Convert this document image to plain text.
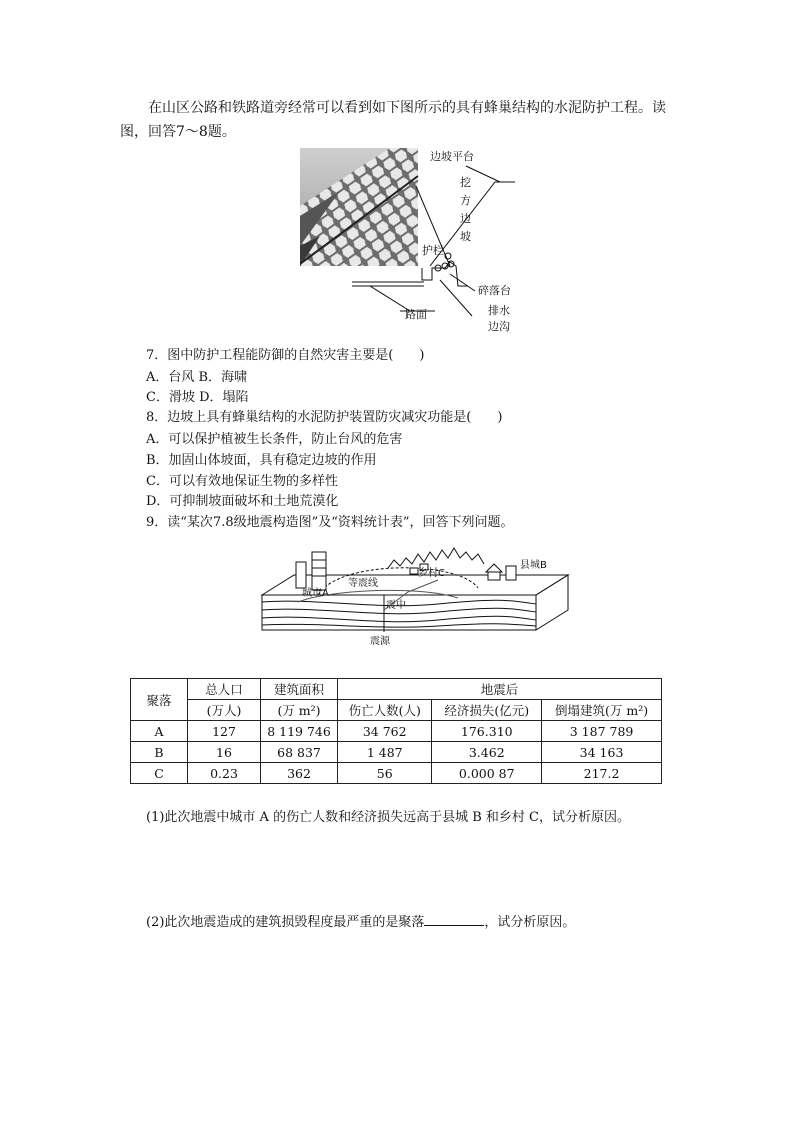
在山区公路和铁路道旁经常可以看到如下图所示的具有蜂巢结构的水泥防护工程。读图，回答7～8题。
边坡平台
挖
方
边
坡
护栏
碎落台
路面	排水
边沟
7．图中防护工程能防御的自然灾害主要是(　　)
A．台风 B．海啸
C．滑坡 D．塌陷
8．边坡上具有蜂巢结构的水泥防护装置防灾减灾功能是(　　)
A．可以保护植被生长条件，防止台风的危害
B．加固山体坡面，具有稳定边坡的作用
C．可以有效地保证生物的多样性
D．可抑制坡面破坏和土地荒漠化
9．读“某次7.8级地震构造图”及“资料统计表”，回答下列问题。
城市A
等震线
乡村C
县城B
震中
震源
聚落	总人口	建筑面积	地震后		
	(万人)	(万 m²)	伤亡人数(人)	经济损失(亿元)	倒塌建筑(万 m²)
A	127	8 119 746	34 762	176.310	3 187 789
B	16	68 837	1 487	3.462	34 163
C	0.23	362	56	0.000 87	217.2
(1)此次地震中城市 A 的伤亡人数和经济损失远高于县城 B 和乡村 C，试分析原因。
(2)此次地震造成的建筑损毁程度最严重的是聚落	，试分析原因。
